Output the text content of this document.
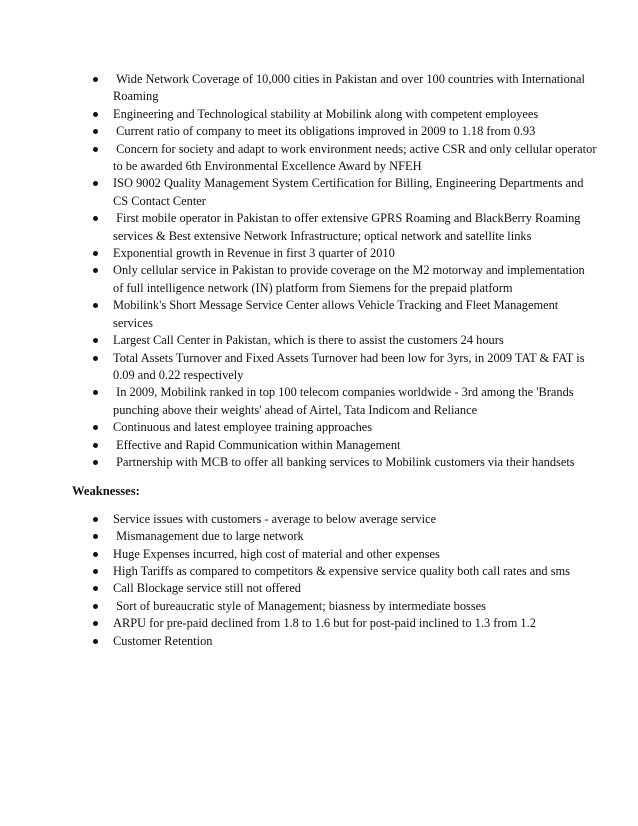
Wide Network Coverage of 10,000 cities in Pakistan and over 100 countries with International Roaming
Engineering and Technological stability at Mobilink along with competent employees
Current ratio of company to meet its obligations improved in 2009 to 1.18 from 0.93
Concern for society and adapt to work environment needs; active CSR and only cellular operator to be awarded 6th Environmental Excellence Award by NFEH
ISO 9002 Quality Management System Certification for Billing, Engineering Departments and CS Contact Center
First mobile operator in Pakistan to offer extensive GPRS Roaming and BlackBerry Roaming services & Best extensive Network Infrastructure; optical network and satellite links
Exponential growth in Revenue in first 3 quarter of 2010
Only cellular service in Pakistan to provide coverage on the M2 motorway and implementation of full intelligence network (IN) platform from Siemens for the prepaid platform
Mobilink's Short Message Service Center allows Vehicle Tracking and Fleet Management services
Largest Call Center in Pakistan, which is there to assist the customers 24 hours
Total Assets Turnover and Fixed Assets Turnover had been low for 3yrs, in 2009 TAT & FAT is 0.09 and 0.22 respectively
In 2009, Mobilink ranked in top 100 telecom companies worldwide - 3rd among the 'Brands punching above their weights' ahead of Airtel, Tata Indicom and Reliance
Continuous and latest employee training approaches
Effective and Rapid Communication within Management
Partnership with MCB to offer all banking services to Mobilink customers via their handsets
Weaknesses:
Service issues with customers - average to below average service
Mismanagement due to large network
Huge Expenses incurred, high cost of material and other expenses
High Tariffs as compared to competitors & expensive service quality both call rates and sms
Call Blockage service still not offered
Sort of bureaucratic style of Management; biasness by intermediate bosses
ARPU for pre-paid declined from 1.8 to 1.6 but for post-paid inclined to 1.3 from 1.2
Customer Retention
